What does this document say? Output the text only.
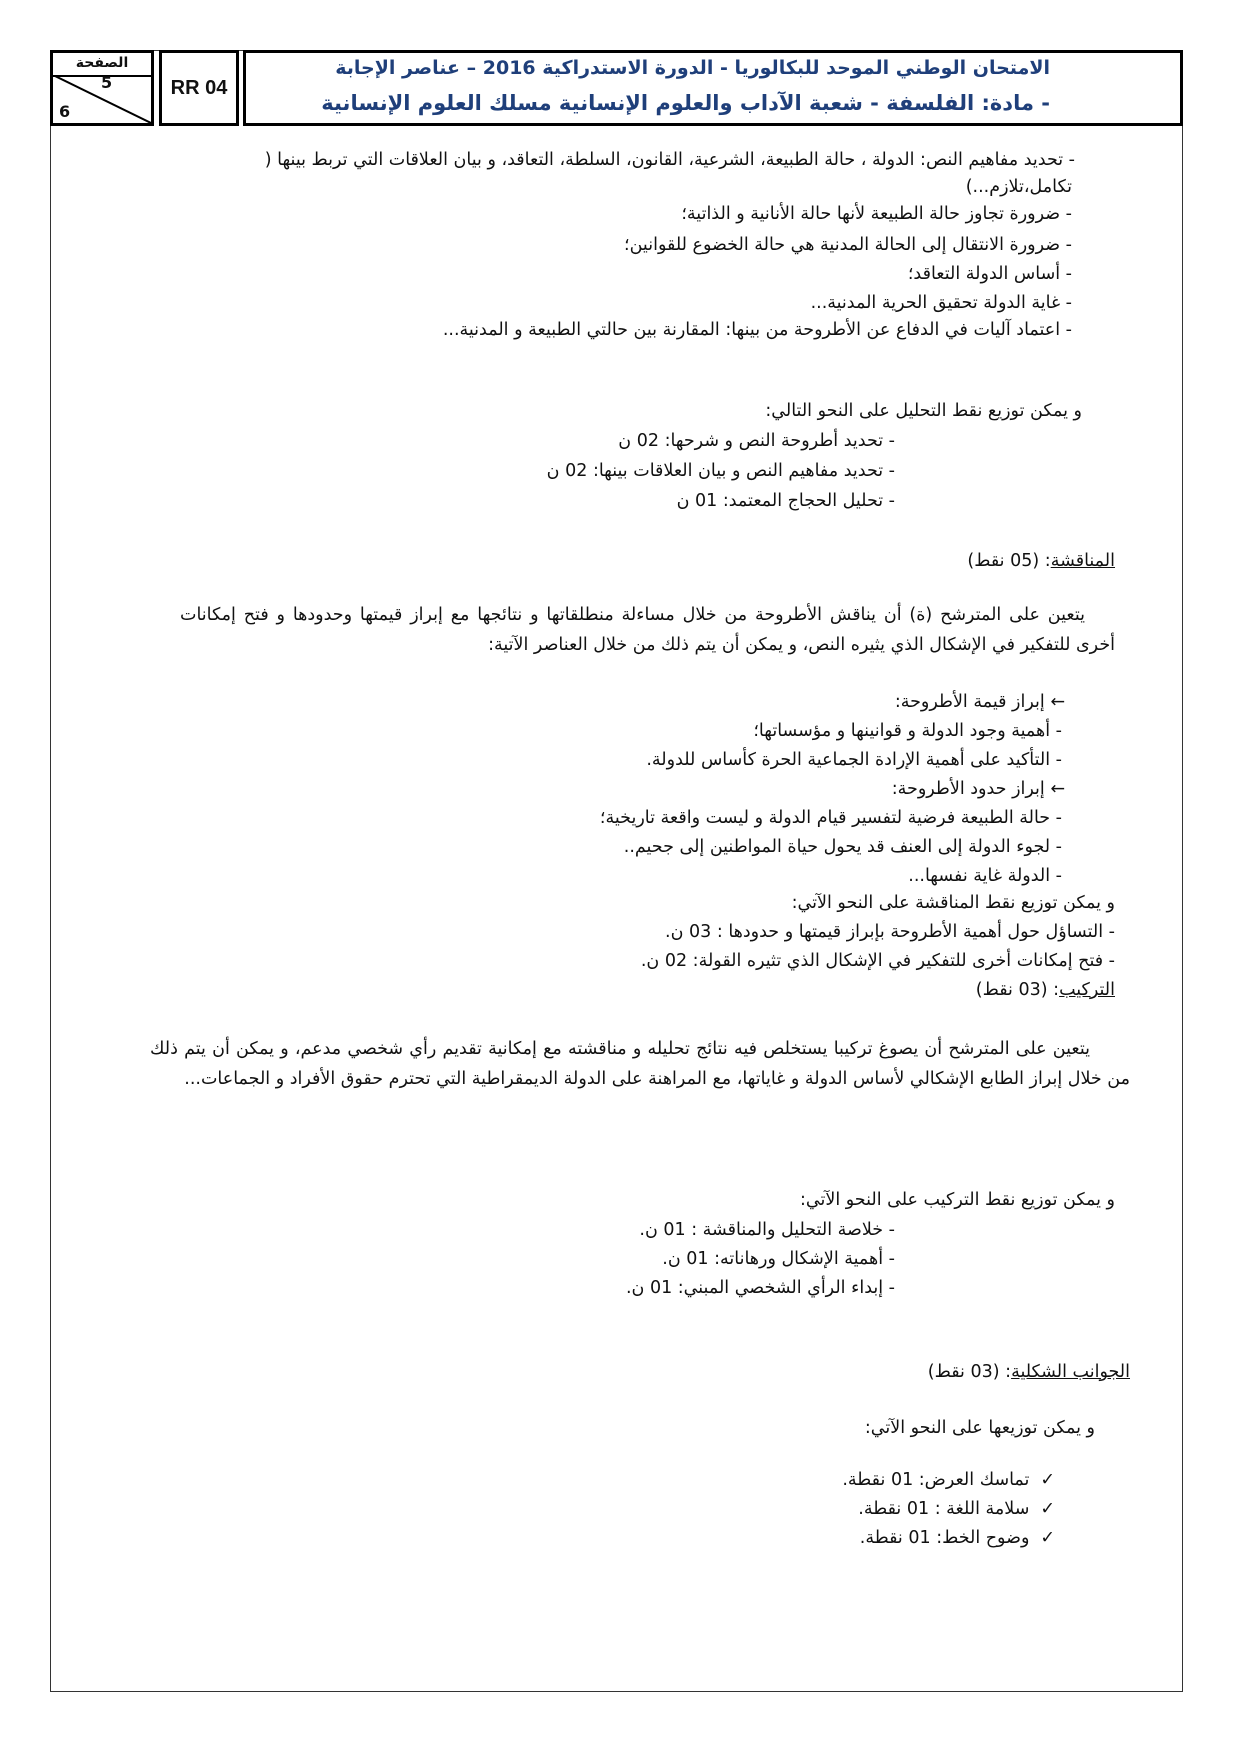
الصفحة
5
6
RR 04
الامتحان الوطني الموحد للبكالوريا - الدورة الاستدراكية 2016 – عناصر الإجابة
- مادة: الفلسفة - شعبة الآداب والعلوم الإنسانية مسلك العلوم الإنسانية
- تحديد مفاهيم النص: الدولة ، حالة الطبيعة، الشرعية، القانون، السلطة، التعاقد، و بيان العلاقات التي تربط بينها (
تكامل،تلازم...)
- ضرورة تجاوز حالة الطبيعة لأنها حالة الأنانية و الذاتية؛
- ضرورة الانتقال إلى الحالة المدنية هي حالة الخضوع للقوانين؛
- أساس الدولة التعاقد؛
- غاية الدولة تحقيق الحرية المدنية...
- اعتماد آليات في الدفاع عن الأطروحة من بينها: المقارنة بين حالتي الطبيعة و المدنية...
و يمكن توزيع نقط التحليل على النحو التالي:
- تحديد أطروحة النص و شرحها: 02 ن
- تحديد مفاهيم النص و بيان العلاقات بينها: 02 ن
- تحليل الحجاج المعتمد: 01 ن
المناقشة: (05 نقط)
يتعين على المترشح (ة) أن يناقش الأطروحة من خلال مساءلة منطلقاتها و نتائجها مع إبراز قيمتها وحدودها و فتح إمكانات أخرى للتفكير في الإشكال الذي يثيره النص، و يمكن أن يتم ذلك من خلال العناصر الآتية:
← إبراز قيمة الأطروحة:
- أهمية وجود الدولة و قوانينها و مؤسساتها؛
- التأكيد على أهمية الإرادة الجماعية الحرة كأساس للدولة.
← إبراز حدود الأطروحة:
- حالة الطبيعة فرضية لتفسير قيام الدولة و ليست واقعة تاريخية؛
- لجوء الدولة إلى العنف قد يحول حياة المواطنين إلى جحيم..
- الدولة غاية نفسها...
و يمكن توزيع نقط المناقشة على النحو الآتي:
- التساؤل حول أهمية الأطروحة بإبراز قيمتها و حدودها : 03 ن.
- فتح إمكانات أخرى للتفكير في الإشكال الذي تثيره القولة: 02 ن.
التركيب: (03 نقط)
يتعين على المترشح أن يصوغ تركيبا يستخلص فيه نتائج تحليله و مناقشته مع إمكانية تقديم رأي شخصي مدعم، و يمكن أن يتم ذلك من خلال إبراز الطابع الإشكالي لأساس الدولة و غاياتها، مع المراهنة على الدولة الديمقراطية التي تحترم حقوق الأفراد و الجماعات...
و يمكن توزيع نقط التركيب على النحو الآتي:
- خلاصة التحليل والمناقشة : 01 ن.
- أهمية الإشكال ورهاناته: 01 ن.
- إبداء الرأي الشخصي المبني: 01 ن.
الجوانب الشكلية: (03 نقط)
و يمكن توزيعها على النحو الآتي:
✓ تماسك العرض: 01 نقطة.
✓ سلامة اللغة : 01 نقطة.
✓ وضوح الخط: 01 نقطة.
